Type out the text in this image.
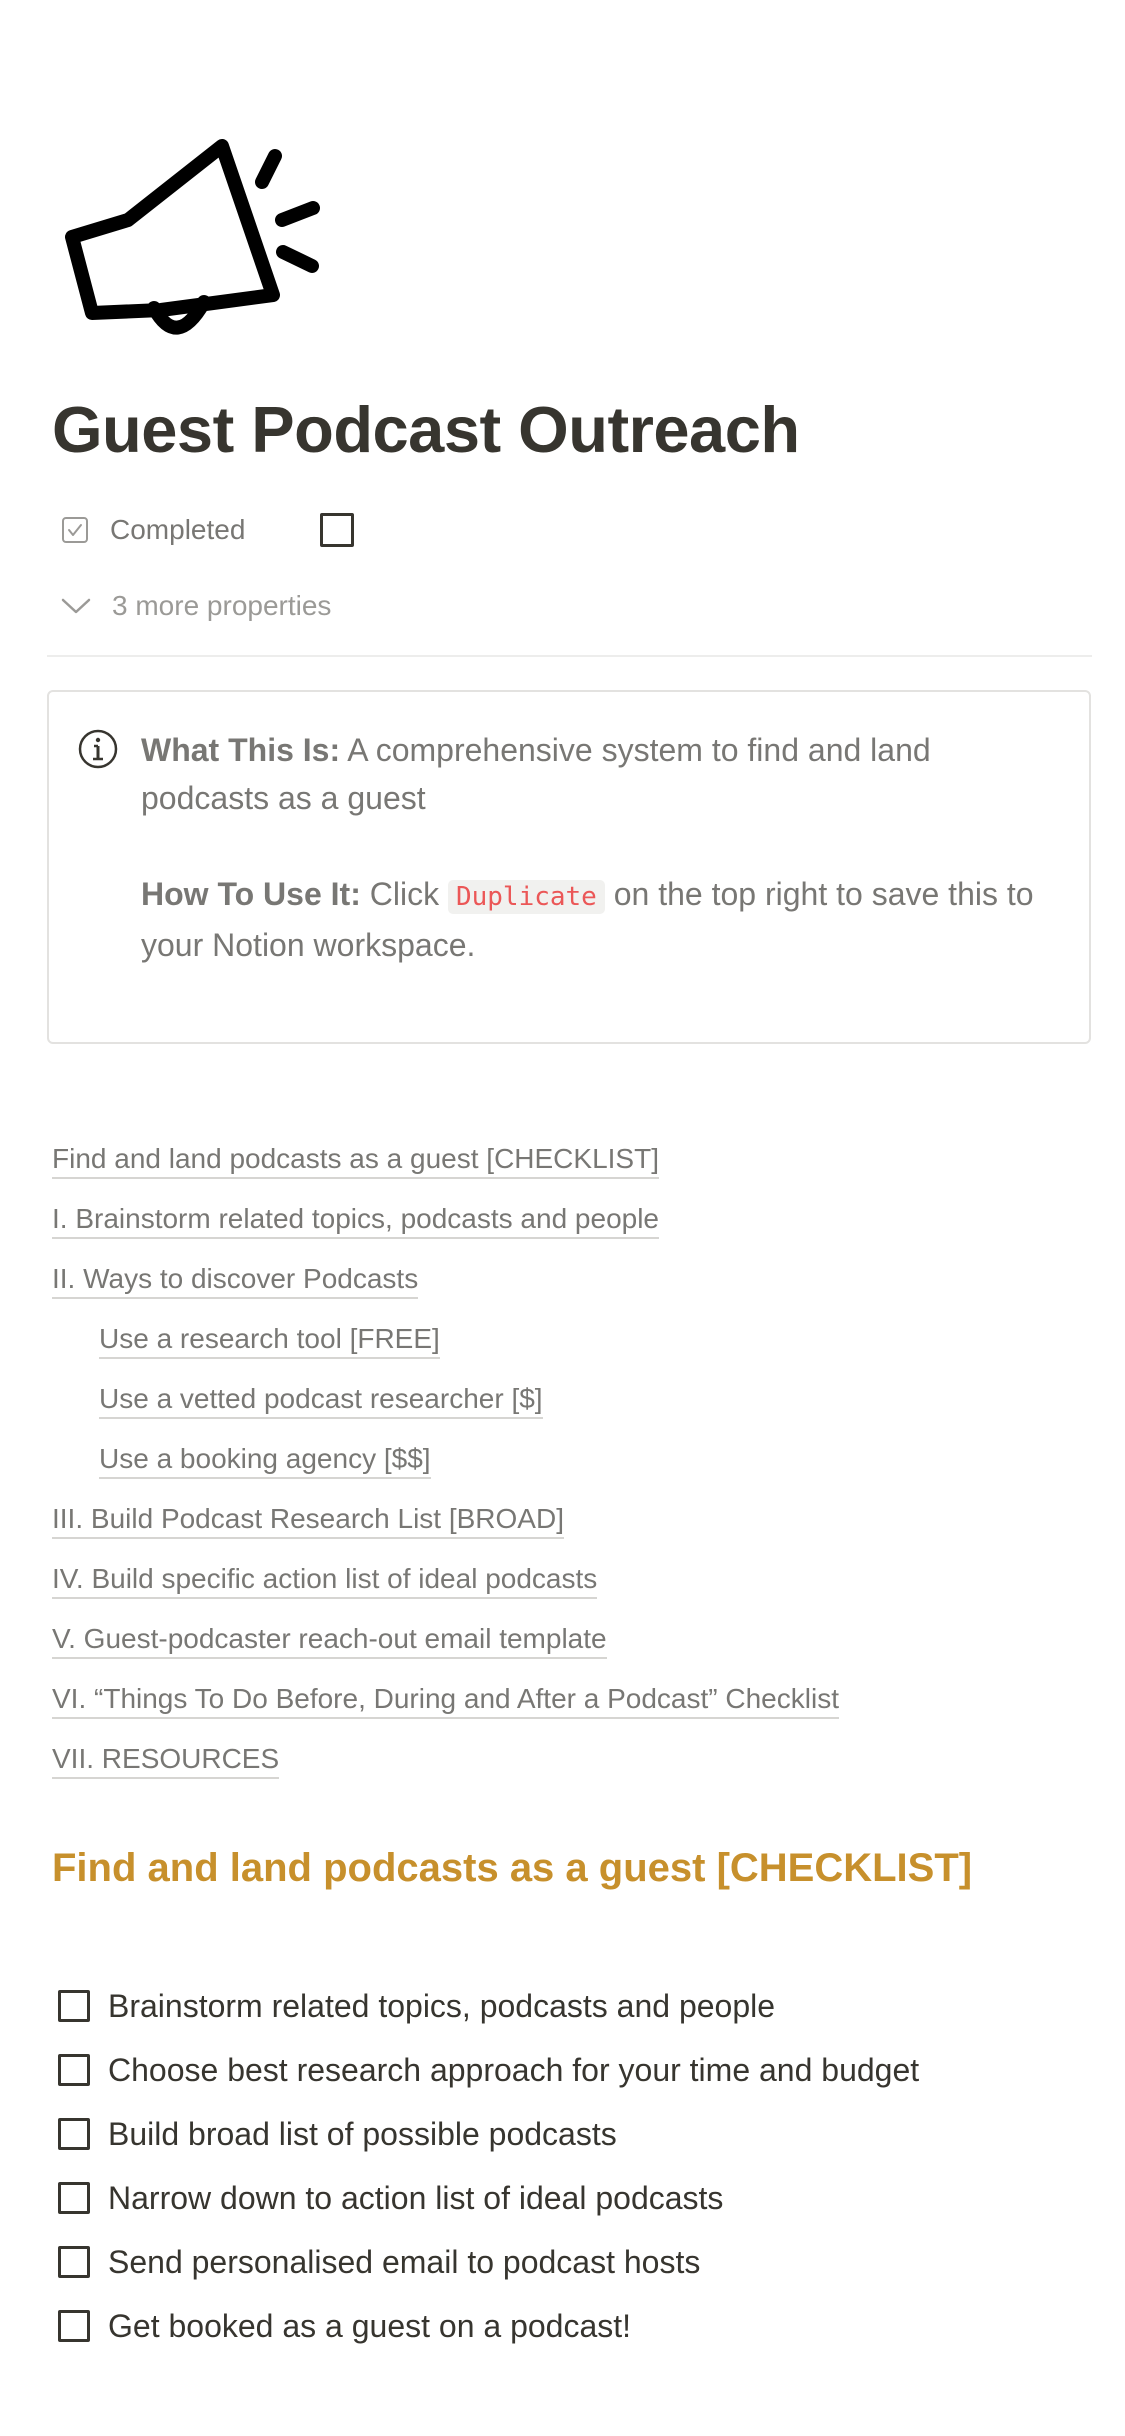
Guest Podcast Outreach
Completed
3 more properties

What This Is: A comprehensive system to find and land podcasts as a guest

How To Use It: Click Duplicate on the top right to save this to your Notion workspace.

Find and land podcasts as a guest [CHECKLIST]
I. Brainstorm related topics, podcasts and people
II. Ways to discover Podcasts
Use a research tool [FREE]
Use a vetted podcast researcher [$]
Use a booking agency [$$]
III. Build Podcast Research List [BROAD]
IV. Build specific action list of ideal podcasts
V. Guest-podcaster reach-out email template
VI. “Things To Do Before, During and After a Podcast” Checklist
VII. RESOURCES
Find and land podcasts as a guest [CHECKLIST]
Brainstorm related topics, podcasts and people
Choose best research approach for your time and budget
Build broad list of possible podcasts
Narrow down to action list of ideal podcasts
Send personalised email to podcast hosts
Get booked as a guest on a podcast!
